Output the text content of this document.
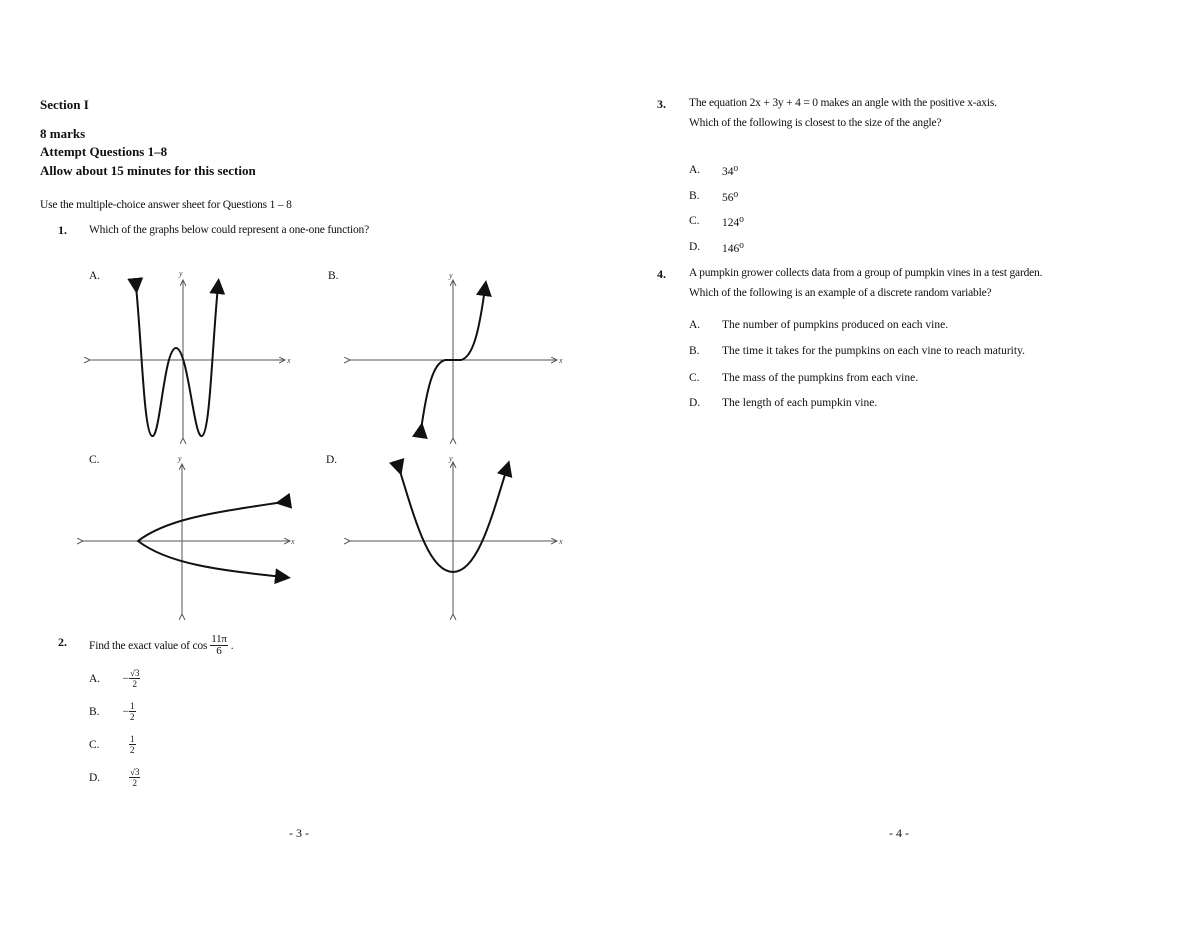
Section I
8 marks
Attempt Questions 1–8
Allow about 15 minutes for this section
Use the multiple-choice answer sheet for Questions 1 – 8
1. Which of the graphs below could represent a one-one function?
A.
x
y	B.
x
y
C.
x
y	D.
x
y
2. Find the exact value of $\cos \frac{11\pi}{6}$ .
A.	− $\frac{√3}{2}$
B.	− $\frac{1}{2}$
C.	$\frac{1}{2}$
D.	$\frac{√3}{2}$
- 3 -
3. The equation 2x + 3y + 4 = 0 makes an angle with the positive x-axis.
Which of the following is closest to the size of the angle?
A. 34⁰
B. 56⁰
C. 124⁰
D. 146⁰
4. A pumpkin grower collects data from a group of pumpkin vines in a test garden.
Which of the following is an example of a discrete random variable?
A. The number of pumpkins produced on each vine.
B. The time it takes for the pumpkins on each vine to reach maturity.
C. The mass of the pumpkins from each vine.
D. The length of each pumpkin vine.
- 4 -
